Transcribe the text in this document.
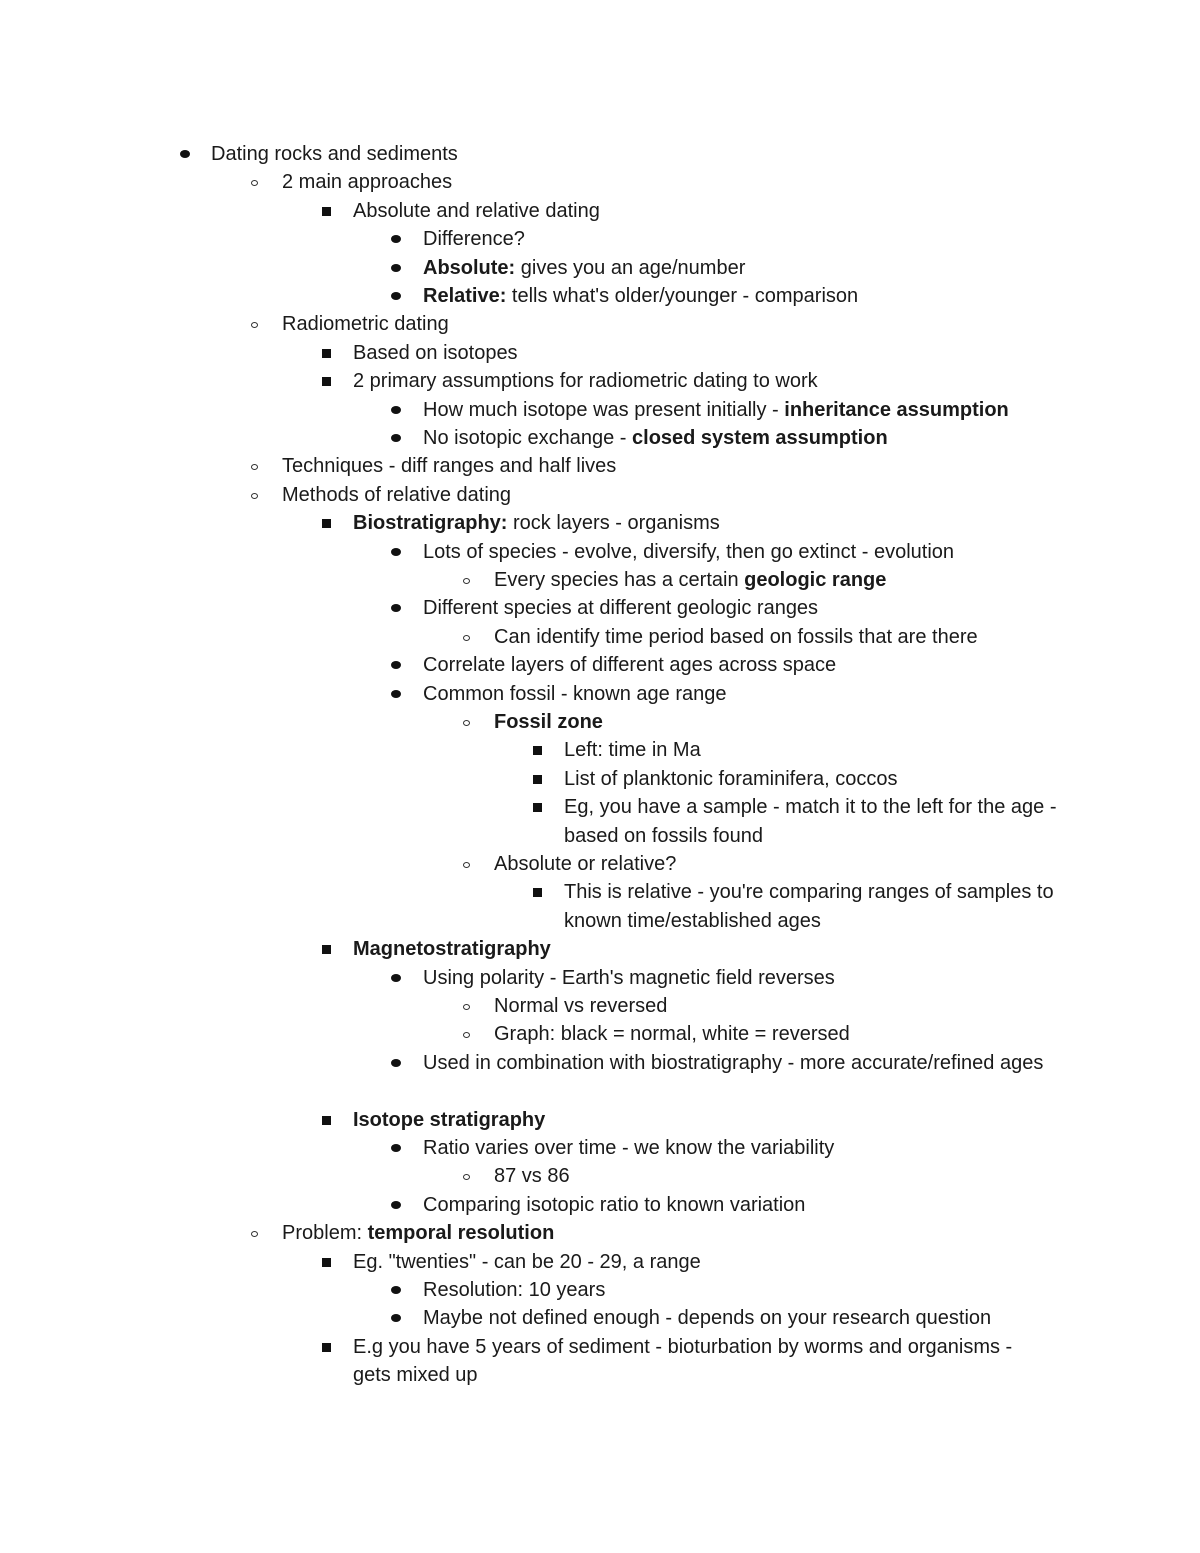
Dating rocks and sediments
2 main approaches
Absolute and relative dating
Difference?
Absolute: gives you an age/number
Relative: tells what's older/younger - comparison
Radiometric dating
Based on isotopes
2 primary assumptions for radiometric dating to work
How much isotope was present initially - inheritance assumption
No isotopic exchange - closed system assumption
Techniques - diff ranges and half lives
Methods of relative dating
Biostratigraphy: rock layers - organisms
Lots of species - evolve, diversify, then go extinct - evolution
Every species has a certain geologic range
Different species at different geologic ranges
Can identify time period based on fossils that are there
Correlate layers of different ages across space
Common fossil - known age range
Fossil zone
Left: time in Ma
List of planktonic foraminifera, coccos
Eg, you have a sample - match it to the left for the age - based on fossils found
Absolute or relative?
This is relative - you're comparing ranges of samples to known time/established ages
Magnetostratigraphy
Using polarity - Earth's magnetic field reverses
Normal vs reversed
Graph: black = normal, white = reversed
Used in combination with biostratigraphy - more accurate/refined ages
Isotope stratigraphy
Ratio varies over time - we know the variability
87 vs 86
Comparing isotopic ratio to known variation
Problem: temporal resolution
Eg. "twenties" - can be 20 - 29, a range
Resolution: 10 years
Maybe not defined enough - depends on your research question
E.g you have 5 years of sediment - bioturbation by worms and organisms - gets mixed up
